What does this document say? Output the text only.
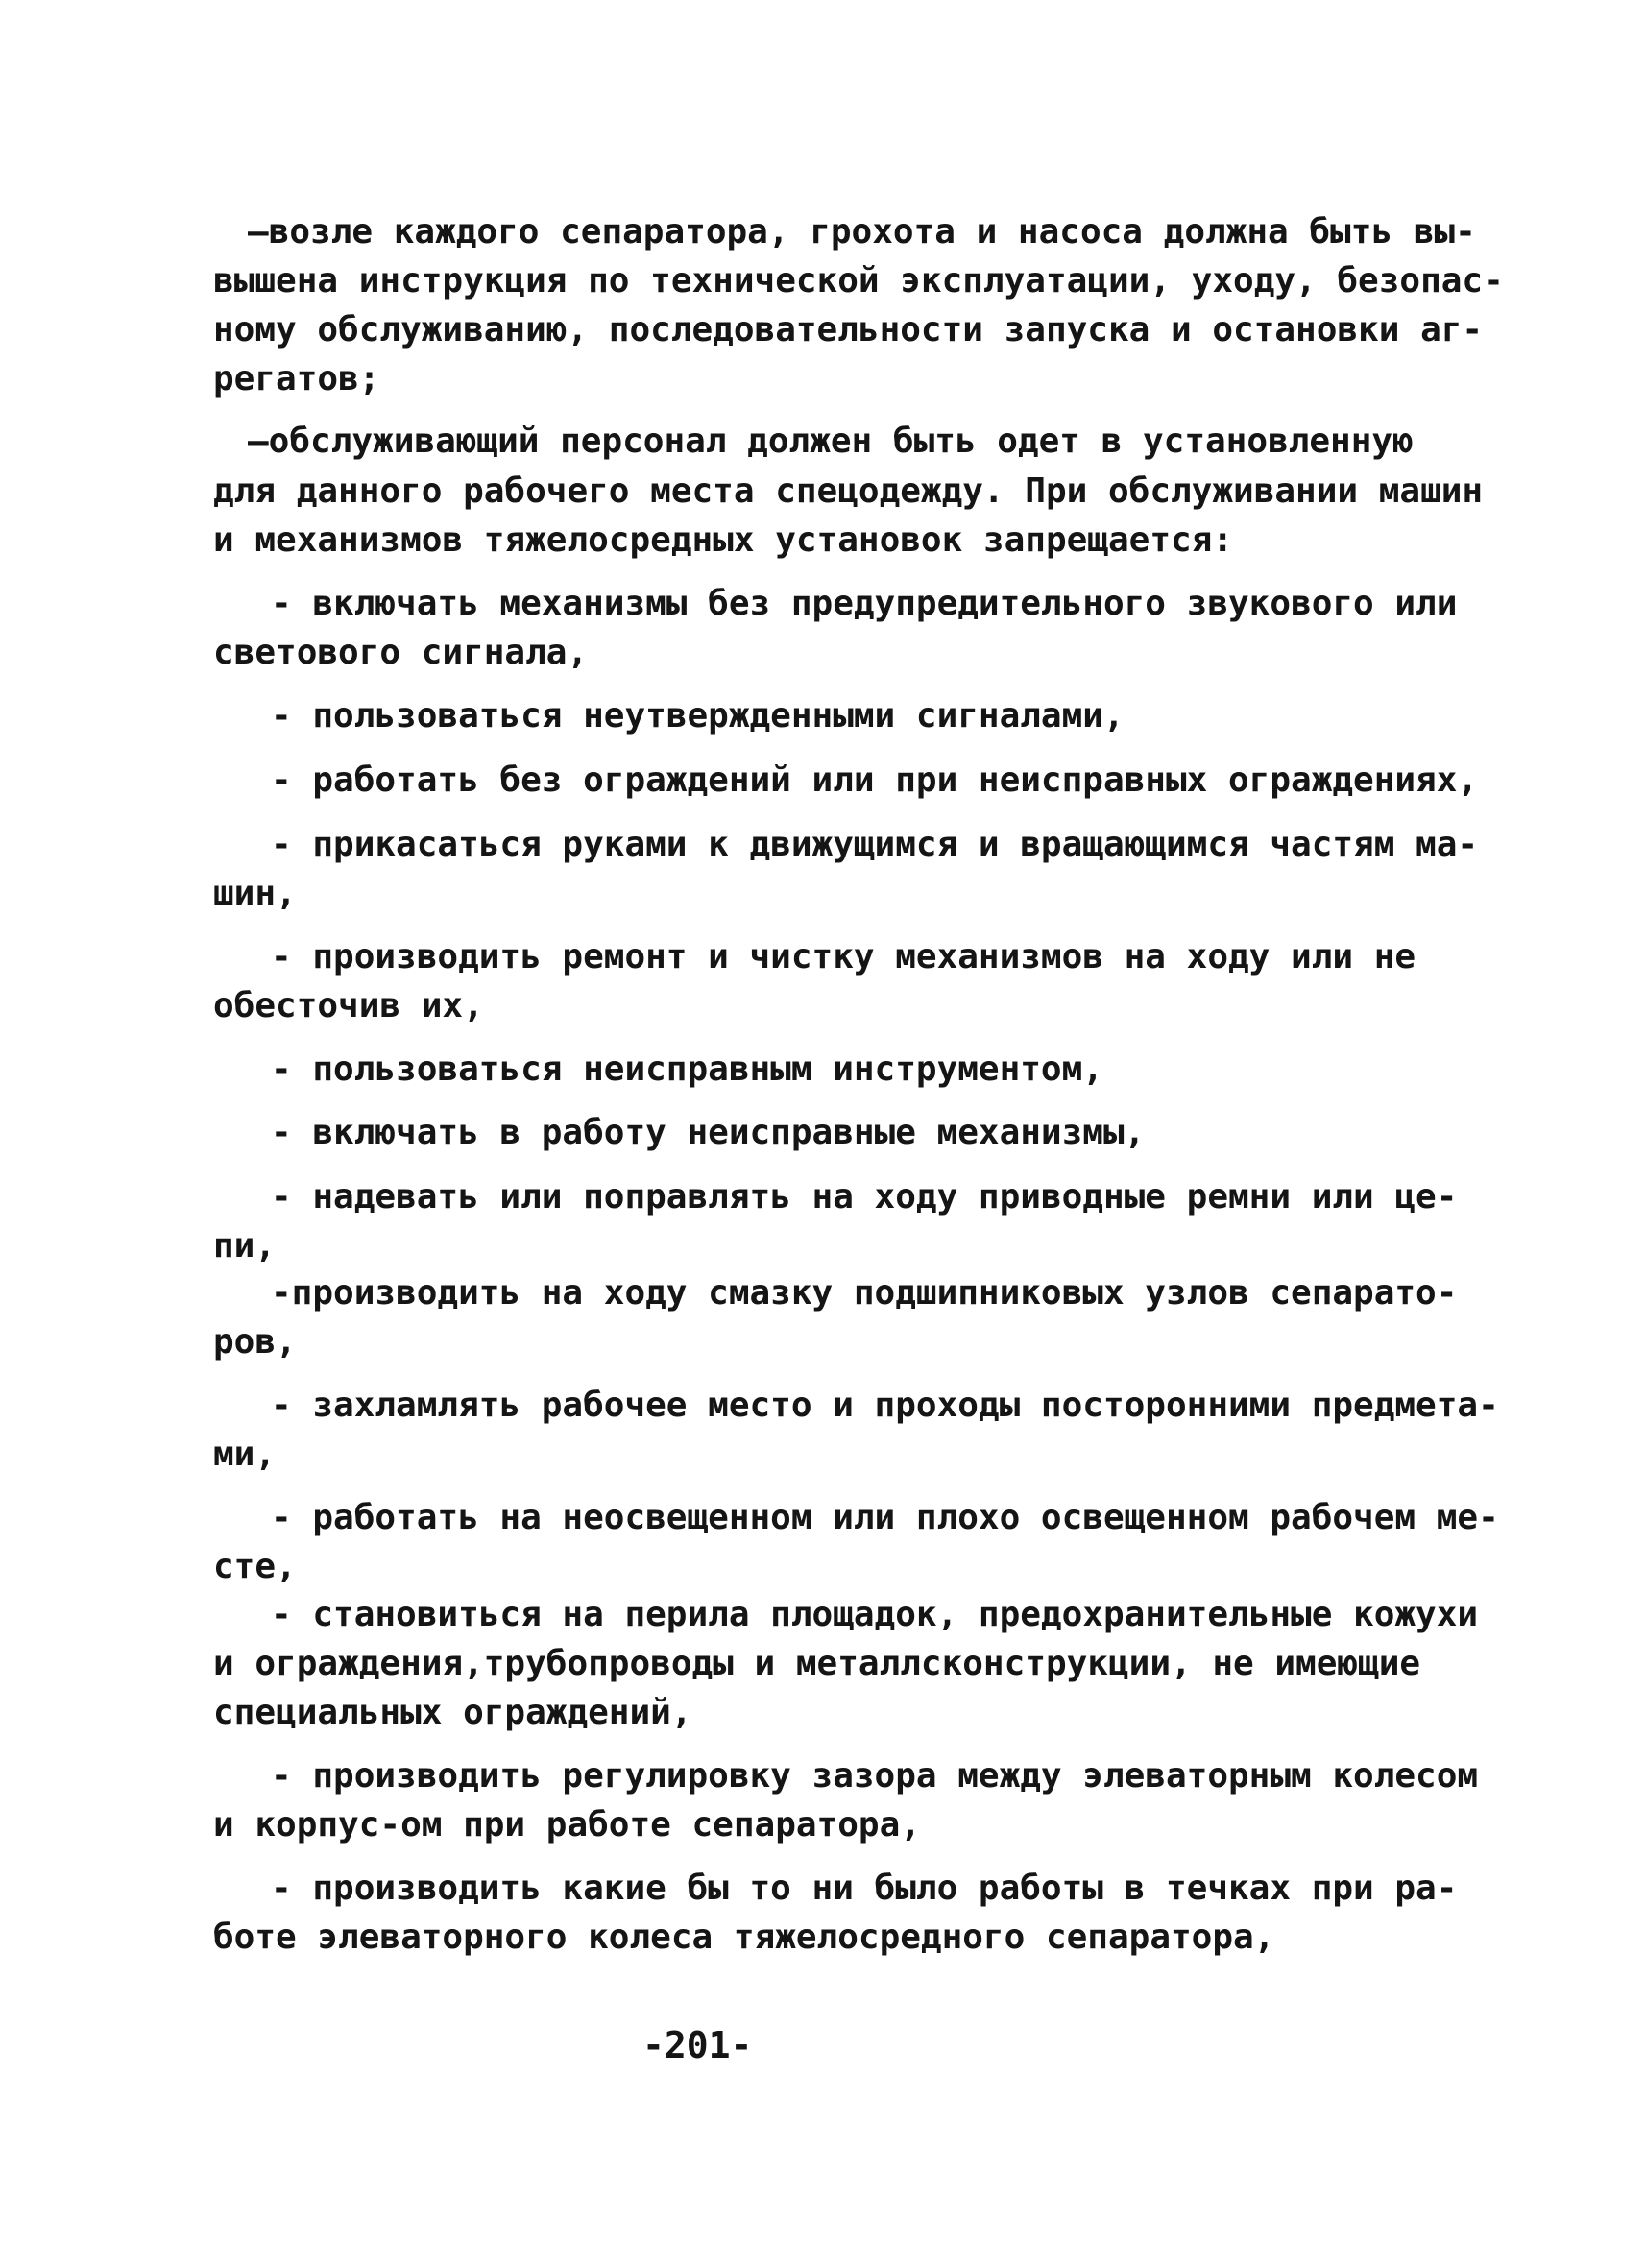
–возле каждого сепаратора, грохота и насоса должна быть вы-

вышена инструкция по технической эксплуатации, уходу, безопас-

ному обслуживанию, последовательности запуска и остановки аг-

регатов;

–обслуживающий персонал должен быть одет в установленную

для данного рабочего места спецодежду. При обслуживании машин

и механизмов тяжелосредных установок запрещается:

- включать механизмы без предупредительного звукового или

светового сигнала,

- пользоваться неутвержденными сигналами,

- работать без ограждений или при неисправных ограждениях,

- прикасаться руками к движущимся и вращающимся частям ма-

шин,

- производить ремонт и чистку механизмов на ходу или не

обесточив их,

- пользоваться неисправным инструментом,

- включать в работу неисправные механизмы,

- надевать или поправлять на ходу приводные ремни или це-

пи,

-производить на ходу смазку подшипниковых узлов сепарато-

ров,

- захламлять рабочее место и проходы посторонними предмета-

ми,

- работать на неосвещенном или плохо освещенном рабочем ме-

сте,

- становиться на перила площадок, предохранительные кожухи

и ограждения,трубопроводы и металлсконструкции, не имеющие

специальных ограждений,

- производить регулировку зазора между элеваторным колесом

и корпус-ом при работе сепаратора,

- производить какие бы то ни было работы в течках при ра-

боте элеваторного колеса тяжелосредного сепаратора,

-201-
